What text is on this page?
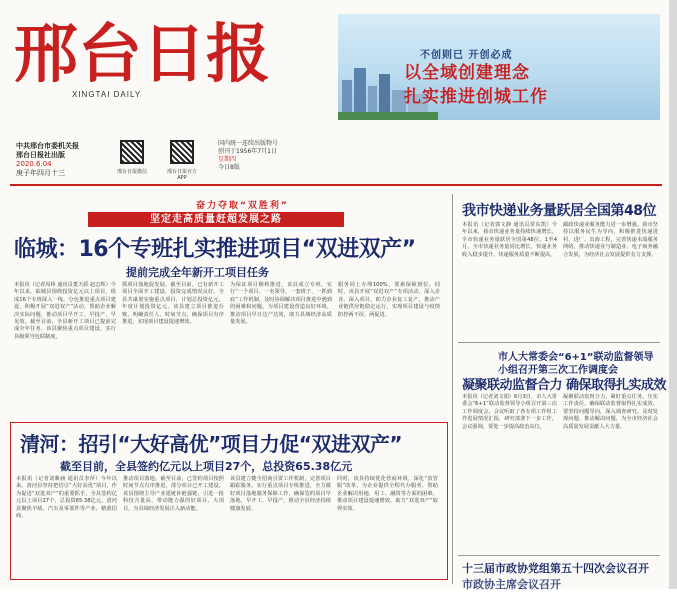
邢台日报
XINGTAI DAILY
中共邢台市委机关报
邢台日报社出版
2020.6.04
庚子年四月十三	邢台日报微信	邢台日报官方APP
国内统一连续出版物号
创刊于1956年7月1日
星期四
今日8版
不创则已 开创必成
以全域创建理念
扎实推进创城工作
奋力夺取“双胜利”
坚定走高质量赶超发展之路
临城：16个专班扎实推进项目“双进双产”
提前完成全年新开工项目任务
本报讯（记者周林 通讯员董天骄 赵志辉）今年以来，临城县围绕投资亿元以上项目，组成16个专班深入一线，分包推进重点项目建设，积极开展“双进双产”活动，帮助企业解决实际问题，推动项目早开工、早投产、早见效。截至目前，全县新开工项目已提前完成全年任务。该县聚焦重点项目建设，实行县级领导包联制度，
抓项目落地促发展。截至目前，已有新开工项目全面开工建设，投资完成情况良好。全县共谋划实施重点项目，计划总投资亿元，年度计划投资亿元。该县建立项目推进台账，明确责任人、时间节点，确保项目有序推进，实现项目建设提速增效。
为保证项目顺利推进，该县成立专班，实行“一个项目、一名领导、一套班子、一抓到底”工作机制，及时协调解决项目推进中遇到的困难和问题，为项目建设营造良好环境，推动项目早日达产达效，助力县域经济高质量发展。
服务同上办理100%，要素保障到位。同时，该县开展“双进双产”专项活动，深入企业、深入项目，助力企业复工复产，推动产业链供应链稳定运行，实现项目建设与疫情防控两不误、两促进。
清河：招引“大好高优”项目力促“双进双产”
截至目前，全县签约亿元以上项目27个，总投资65.38亿元
本报讯（记者刘紫涵 通讯员李萍）今年以来，清河县坚持把招引“大好高优”项目，作为促进“双进双产”的重要抓手，全县签约亿元以上项目27个，总投资65.38亿元。清河县聚焦羊绒、汽车及零部件等产业，精准招商，
推动项目落地。截至目前，已签约项目按照时间节点有序推进，部分项目已开工建设。该县围绕主导产业延链补链强链，引进一批科技含量高、带动能力强的好项目、大项目，为县域经济发展注入新动能。
该县建立健全招商引资工作机制，完善项目跟踪服务，实行重点项目专班推进，全力做好项目落地服务保障工作，确保签约项目早落地、早开工、早投产，推动全县经济持续健康发展。
同时，该县持续优化营商环境，深化“放管服”改革，为企业提供全程代办服务，帮助企业解决用地、用工、融资等方面的困难，推动项目建设提速增效，助力“双进双产”取得实效。
我市快递业务量跃居全国第48位
本报讯（记者郭文静 通讯员常东凯）今年以来，我市快递业务量持续快速增长，全市快递业务量跃居全国第48位。1至4月，全市快递业务量同比增长，快递业务收入稳步提升，快递服务质量不断提高，
邮政快递业服务能力进一步增强。我市坚持以服务民生为导向，积极推进快递进村、进厂、出海工程，完善快递末端服务网络，推动快递业与制造业、电子商务融合发展，为经济社会发展提供有力支撑。
市人大常委会“6+1”联动监督领导
小组召开第三次工作调度会
凝聚联动监督合力 确保取得扎实成效
本报讯（记者刘文娟）6月3日，市人大常委会“6+1”联动监督领导小组召开第三次工作调度会。会议听取了各专项工作组工作进展情况汇报，研究部署下一步工作。会议强调，要进一步提高政治站位，
凝聚联动监督合力，紧盯重点任务，压实工作责任，确保联动监督取得扎实成效。要坚持问题导向，深入调查研究，及时发现问题、推动解决问题，为全市经济社会高质量发展贡献人大力量。
十三届市政协党组第五十四次会议召开
市政协主席会议召开
